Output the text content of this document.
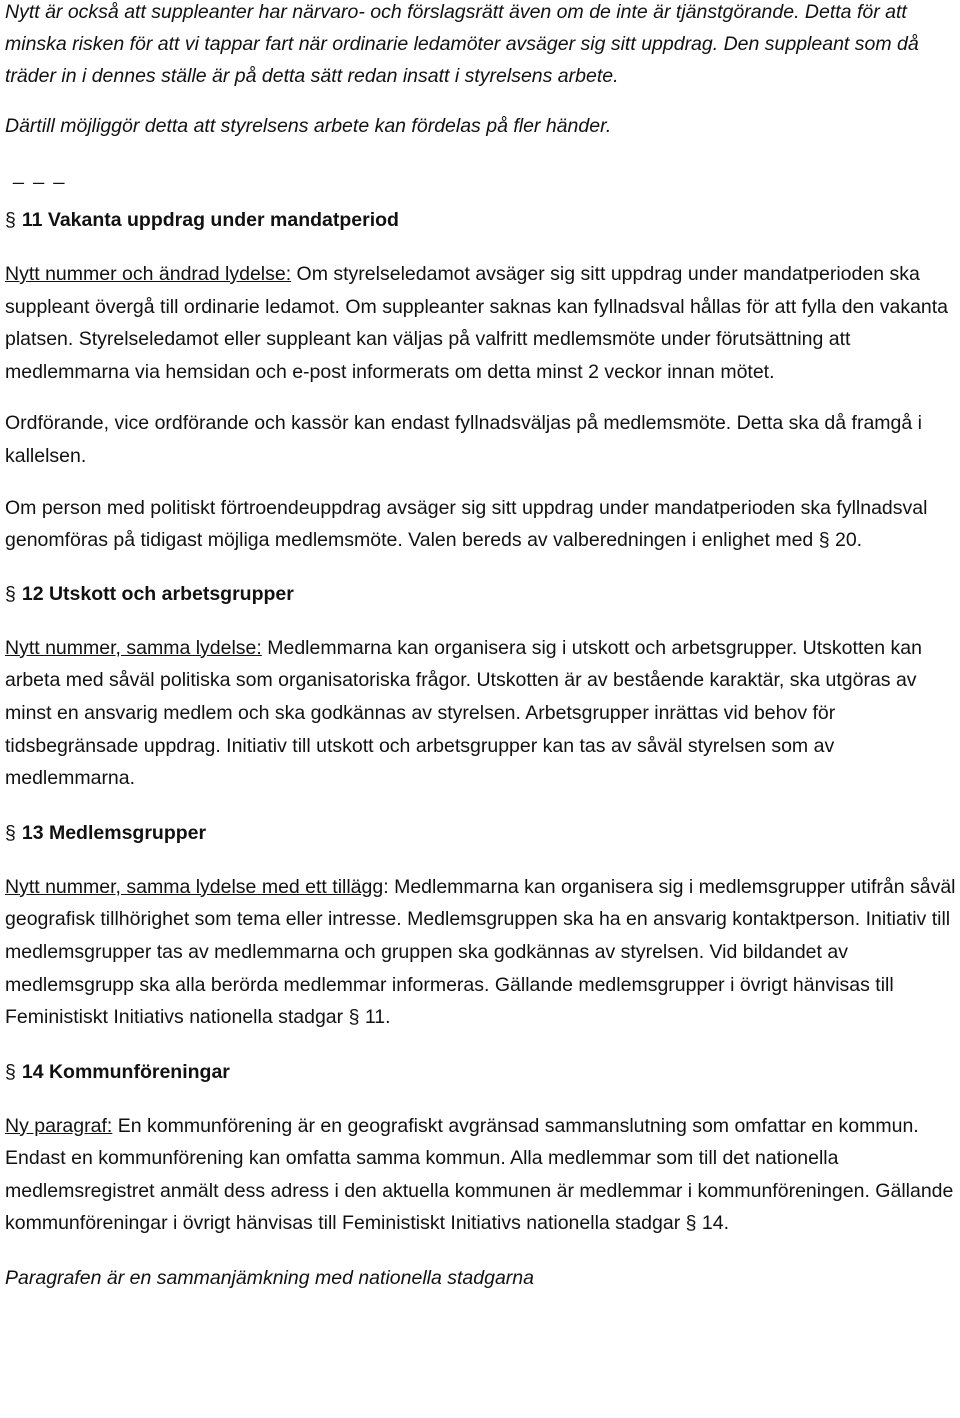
Nytt är också att suppleanter har närvaro- och förslagsrätt även om de inte är tjänstgörande. Detta för att minska risken för att vi tappar fart när ordinarie ledamöter avsäger sig sitt uppdrag. Den suppleant som då träder in i dennes ställe är på detta sätt redan insatt i styrelsens arbete.

Därtill möjliggör detta att styrelsens arbete kan fördelas på fler händer.

_ _ _

§ 11 Vakanta uppdrag under mandatperiod

Nytt nummer och ändrad lydelse: Om styrelseledamot avsäger sig sitt uppdrag under mandatperioden ska suppleant övergå till ordinarie ledamot. Om suppleanter saknas kan fyllnadsval hållas för att fylla den vakanta platsen. Styrelseledamot eller suppleant kan väljas på valfritt medlemsmöte under förutsättning att medlemmarna via hemsidan och e-post informerats om detta minst 2 veckor innan mötet.

Ordförande, vice ordförande och kassör kan endast fyllnadsväljas på medlemsmöte. Detta ska då framgå i kallelsen.

Om person med politiskt förtroendeuppdrag avsäger sig sitt uppdrag under mandatperioden ska fyllnadsval genomföras på tidigast möjliga medlemsmöte. Valen bereds av valberedningen i enlighet med § 20.

§ 12 Utskott och arbetsgrupper

Nytt nummer, samma lydelse: Medlemmarna kan organisera sig i utskott och arbetsgrupper. Utskotten kan arbeta med såväl politiska som organisatoriska frågor. Utskotten är av bestående karaktär, ska utgöras av minst en ansvarig medlem och ska godkännas av styrelsen. Arbetsgrupper inrättas vid behov för tidsbegränsade uppdrag. Initiativ till utskott och arbetsgrupper kan tas av såväl styrelsen som av medlemmarna.

§ 13 Medlemsgrupper

Nytt nummer, samma lydelse med ett tillägg: Medlemmarna kan organisera sig i medlemsgrupper utifrån såväl geografisk tillhörighet som tema eller intresse. Medlemsgruppen ska ha en ansvarig kontaktperson. Initiativ till medlemsgrupper tas av medlemmarna och gruppen ska godkännas av styrelsen. Vid bildandet av medlemsgrupp ska alla berörda medlemmar informeras. Gällande medlemsgrupper i övrigt hänvisas till Feministiskt Initiativs nationella stadgar § 11.

§ 14 Kommunföreningar

Ny paragraf: En kommunförening är en geografiskt avgränsad sammanslutning som omfattar en kommun. Endast en kommunförening kan omfatta samma kommun. Alla medlemmar som till det nationella medlemsregistret anmält dess adress i den aktuella kommunen är medlemmar i kommunföreningen. Gällande kommunföreningar i övrigt hänvisas till Feministiskt Initiativs nationella stadgar § 14.

Paragrafen är en sammanjämkning med nationella stadgarna
